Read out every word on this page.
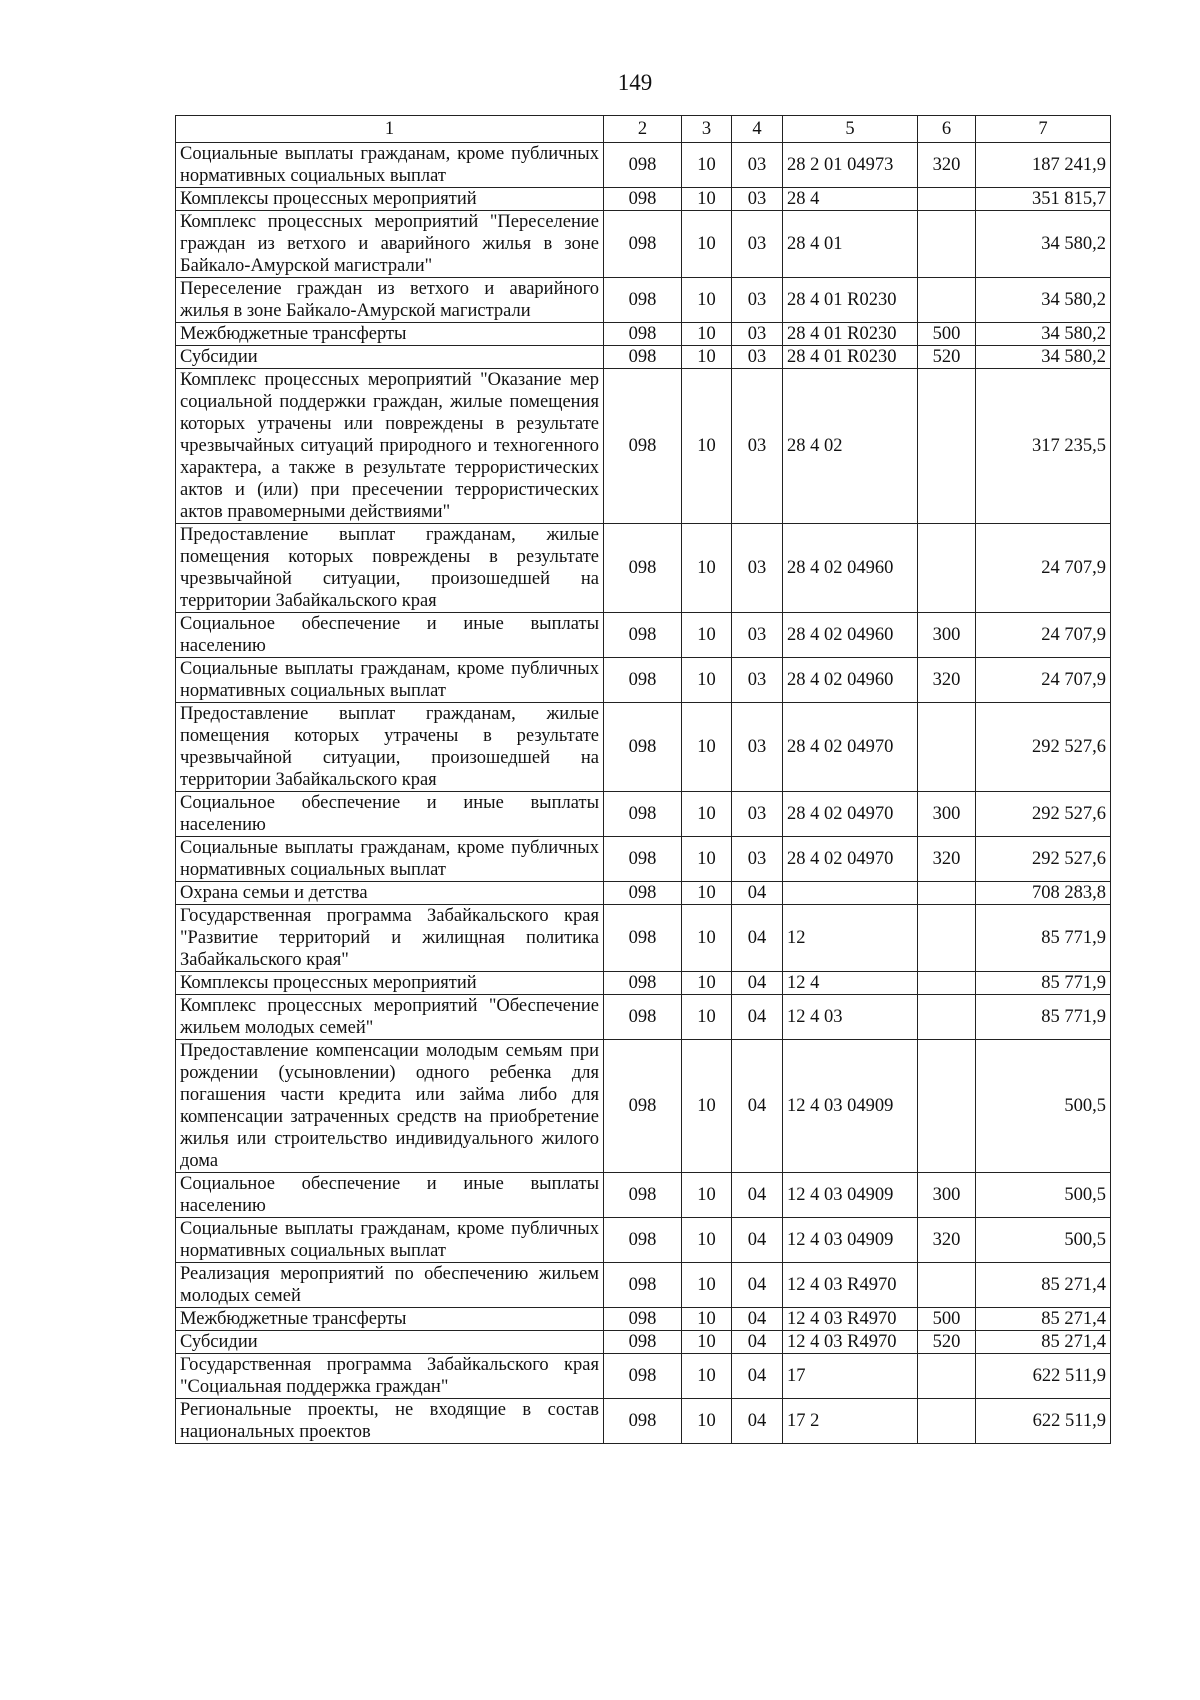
149
1	2	3	4	5	6	7
Социальные выплаты гражданам, кроме публичных нормативных социальных выплат	098	10	03	28 2 01 04973	320	187 241,9
Комплексы процессных мероприятий	098	10	03	28 4		351 815,7
Комплекс процессных мероприятий "Переселение граждан из ветхого и аварийного жилья в зоне Байкало-Амурской магистрали"	098	10	03	28 4 01		34 580,2
Переселение граждан из ветхого и аварийного жилья в зоне Байкало-Амурской магистрали	098	10	03	28 4 01 R0230		34 580,2
Межбюджетные трансферты	098	10	03	28 4 01 R0230	500	34 580,2
Субсидии	098	10	03	28 4 01 R0230	520	34 580,2
Комплекс процессных мероприятий "Оказание мер социальной поддержки граждан, жилые помещения которых утрачены или повреждены в результате чрезвычайных ситуаций природного и техногенного характера, а также в результате террористических актов и (или) при пресечении террористических актов правомерными действиями"	098	10	03	28 4 02		317 235,5
Предоставление выплат гражданам, жилые помещения которых повреждены в результате чрезвычайной ситуации, произошедшей на территории Забайкальского края	098	10	03	28 4 02 04960		24 707,9
Социальное обеспечение и иные выплаты населению	098	10	03	28 4 02 04960	300	24 707,9
Социальные выплаты гражданам, кроме публичных нормативных социальных выплат	098	10	03	28 4 02 04960	320	24 707,9
Предоставление выплат гражданам, жилые помещения которых утрачены в результате чрезвычайной ситуации, произошедшей на территории Забайкальского края	098	10	03	28 4 02 04970		292 527,6
Социальное обеспечение и иные выплаты населению	098	10	03	28 4 02 04970	300	292 527,6
Социальные выплаты гражданам, кроме публичных нормативных социальных выплат	098	10	03	28 4 02 04970	320	292 527,6
Охрана семьи и детства	098	10	04			708 283,8
Государственная программа Забайкальского края "Развитие территорий и жилищная политика Забайкальского края"	098	10	04	12		85 771,9
Комплексы процессных мероприятий	098	10	04	12 4		85 771,9
Комплекс процессных мероприятий "Обеспечение жильем молодых семей"	098	10	04	12 4 03		85 771,9
Предоставление компенсации молодым семьям при рождении (усыновлении) одного ребенка для погашения части кредита или займа либо для компенсации затраченных средств на приобретение жилья или строительство индивидуального жилого дома	098	10	04	12 4 03 04909		500,5
Социальное обеспечение и иные выплаты населению	098	10	04	12 4 03 04909	300	500,5
Социальные выплаты гражданам, кроме публичных нормативных социальных выплат	098	10	04	12 4 03 04909	320	500,5
Реализация мероприятий по обеспечению жильем молодых семей	098	10	04	12 4 03 R4970		85 271,4
Межбюджетные трансферты	098	10	04	12 4 03 R4970	500	85 271,4
Субсидии	098	10	04	12 4 03 R4970	520	85 271,4
Государственная программа Забайкальского края "Социальная поддержка граждан"	098	10	04	17		622 511,9
Региональные проекты, не входящие в состав национальных проектов	098	10	04	17 2		622 511,9
